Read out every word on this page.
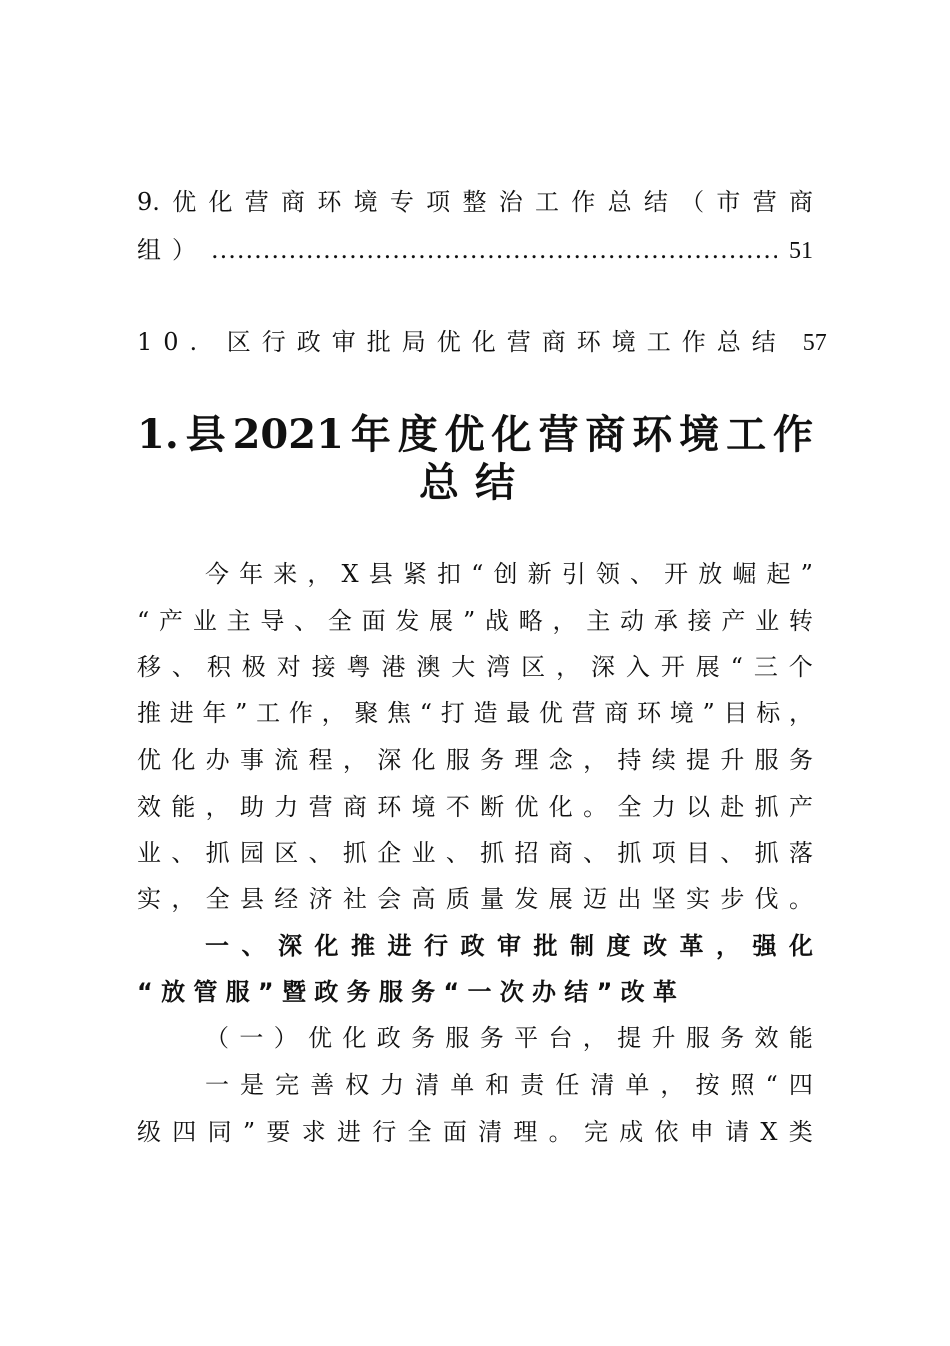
9. 优 化 营 商 环 境 专 项 整 治 工 作 总 结 （ 市 营 商
组）
.....	51
10. 区行政审批局优化营商环境工作总结 57
1. 县 2021 年 度 优 化 营 商 环 境 工 作
总结
今 年 来 ， X 县 紧 扣 “ 创 新 引 领 、 开 放 崛 起 ”
“ 产 业 主 导 、 全 面 发 展 ” 战 略 ， 主 动 承 接 产 业 转
移 、 积 极 对 接 粤 港 澳 大 湾 区 ， 深 入 开 展 “ 三 个
推 进 年 ” 工 作 ， 聚 焦 “ 打 造 最 优 营 商 环 境 ” 目 标 ，
优 化 办 事 流 程 ， 深 化 服 务 理 念 ， 持 续 提 升 服 务
效 能 ， 助 力 营 商 环 境 不 断 优 化 。 全 力 以 赴 抓 产
业 、 抓 园 区 、 抓 企 业 、 抓 招 商 、 抓 项 目 、 抓 落
实 ， 全 县 经 济 社 会 高 质 量 发 展 迈 出 坚 实 步 伐 。
一 、 深 化 推 进 行 政 审 批 制 度 改 革 ， 强 化
“ 放 管 服 ” 暨 政 务 服 务 “ 一 次 办 结 ” 改 革
（ 一 ） 优 化 政 务 服 务 平 台 ， 提 升 服 务 效 能
一 是 完 善 权 力 清 单 和 责 任 清 单 ， 按 照 “ 四
级 四 同 ” 要 求 进 行 全 面 清 理 。 完 成 依 申 请 X 类
